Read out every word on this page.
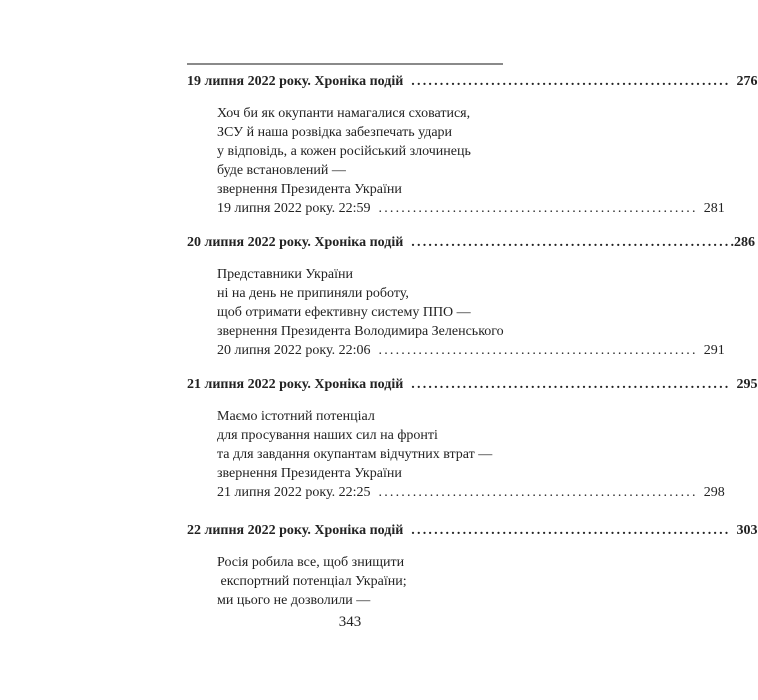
19 липня 2022 року. Хроніка подій ........................................................ 276
Хоч би як окупанти намагалися сховатися,
ЗСУ й наша розвідка забезпечать удари
у відповідь, а кожен російський злочинець
буде встановлений —
звернення Президента України
19 липня 2022 року. 22:59 ........................................................ 281
20 липня 2022 року. Хроніка подій ........................................................ .286
Представники України
ні на день не припиняли роботу,
щоб отримати ефективну систему ППО —
звернення Президента Володимира Зеленського
20 липня 2022 року. 22:06 ........................................................ 291
21 липня 2022 року. Хроніка подій ........................................................ 295
Маємо істотний потенціал
для просування наших сил на фронті
та для завдання окупантам відчутних втрат —
звернення Президента України
21 липня 2022 року. 22:25 ........................................................ 298
22 липня 2022 року. Хроніка подій ........................................................ 303
Росія робила все, щоб знищити
експортний потенціал України;
ми цього не дозволили —
343
